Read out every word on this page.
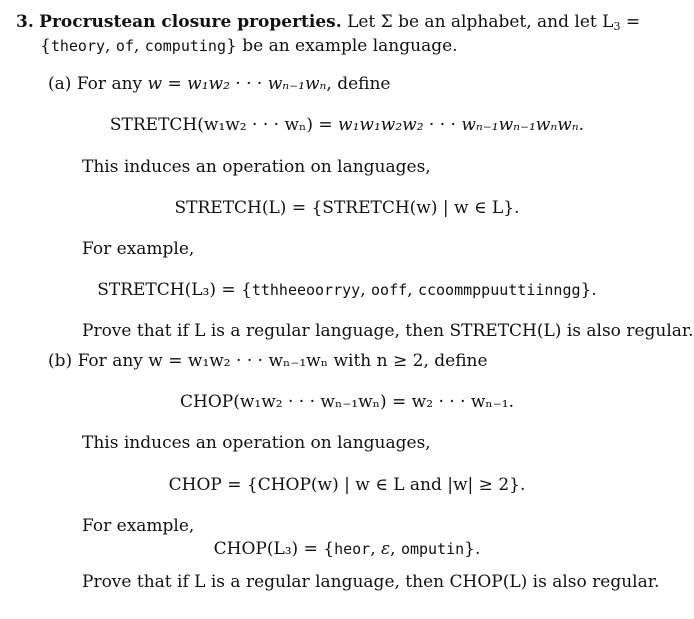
3. Procrustean closure properties. Let Σ be an alphabet, and let $L_3$ =
{theory, of, computing} be an example language.
(a) For any w = w₁w₂ · · · wₙ₋₁wₙ, define
STRETCH(w₁w₂ · · · wₙ) = w₁w₁w₂w₂ · · · wₙ₋₁wₙ₋₁wₙwₙ.
This induces an operation on languages,
STRETCH(L) = {STRETCH(w) | w ∈ L}.
For example,
STRETCH(L₃) = {tthheeoorryy, ooff, ccoommppuuttiinngg}.
Prove that if L is a regular language, then STRETCH(L) is also regular.
(b) For any w = w₁w₂ · · · wₙ₋₁wₙ with n ≥ 2, define
CHOP(w₁w₂ · · · wₙ₋₁wₙ) = w₂ · · · wₙ₋₁.
This induces an operation on languages,
CHOP = {CHOP(w) | w ∈ L and |w| ≥ 2}.
For example,
CHOP(L₃) = {heor, ε, omputin}.
Prove that if L is a regular language, then CHOP(L) is also regular.
